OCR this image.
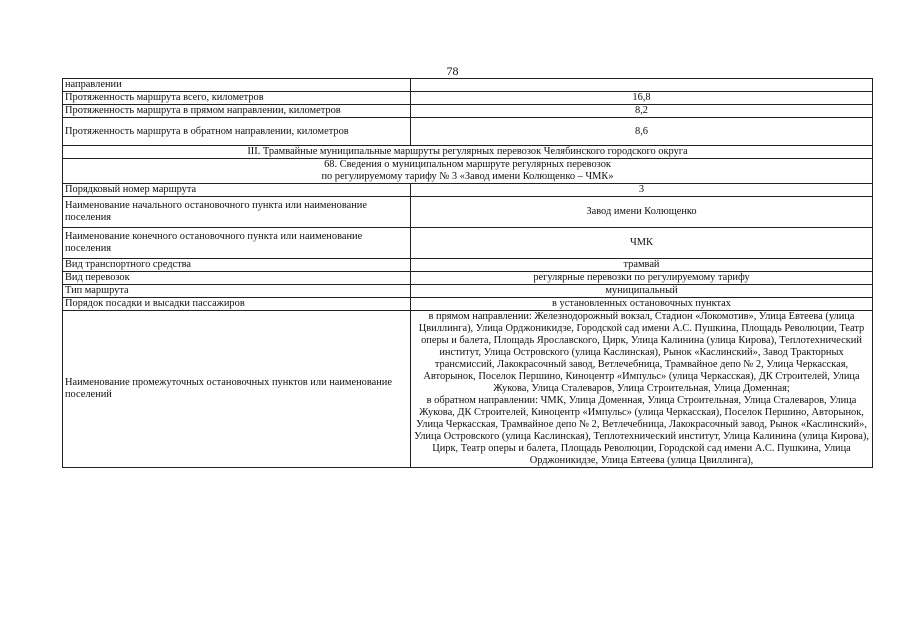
78
направлении	
Протяженность маршрута всего, километров	16,8
Протяженность маршрута в прямом направлении, километров	8,2
Протяженность маршрута в обратном направлении, километров	8,6
III. Трамвайные муниципальные маршруты регулярных перевозок Челябинского городского округа	

68. Сведения о муниципальном маршруте регулярных перевозок
по регулируемому тарифу № 3 «Завод имени Колющенко – ЧМК»	

Порядковый номер маршрута	3
Наименование начального остановочного пункта или наименование поселения	Завод имени Колющенко
Наименование конечного остановочного пункта или наименование поселения	ЧМК
Вид транспортного средства	трамвай
Вид перевозок	регулярные перевозки по регулируемому тарифу
Тип маршрута	муниципальный
Порядок посадки и высадки пассажиров	в установленных остановочных пунктах
Наименование промежуточных остановочных пунктов или наименование поселений	в прямом направлении: Железнодорожный вокзал, Стадион «Локомотив», Улица Евтеева (улица Цвиллинга), Улица Орджоникидзе, Городской сад имени А.С. Пушкина, Площадь Революции, Театр оперы и балета, Площадь Ярославского, Цирк, Улица Калинина (улица Кирова), Теплотехнический институт, Улица Островского (улица Каслинская), Рынок «Каслинский», Завод Тракторных трансмиссий, Лакокрасочный завод, Ветлечебница, Трамвайное депо № 2, Улица Черкасская, Авторынок, Поселок Першино, Киноцентр «Импульс» (улица Черкасская), ДК Строителей, Улица Жукова, Улица Сталеваров, Улица Строительная, Улица Доменная;
в обратном направлении: ЧМК, Улица Доменная, Улица Строительная, Улица Сталеваров, Улица Жукова, ДК Строителей, Киноцентр «Импульс» (улица Черкасская), Поселок Першино, Авторынок, Улица Черкасская, Трамвайное депо № 2, Ветлечебница, Лакокрасочный завод, Рынок «Каслинский», Улица Островского (улица Каслинская), Теплотехнический институт, Улица Калинина (улица Кирова), Цирк, Театр оперы и балета, Площадь Революции, Городской сад имени А.С. Пушкина, Улица Орджоникидзе, Улица Евтеева (улица Цвиллинга),
